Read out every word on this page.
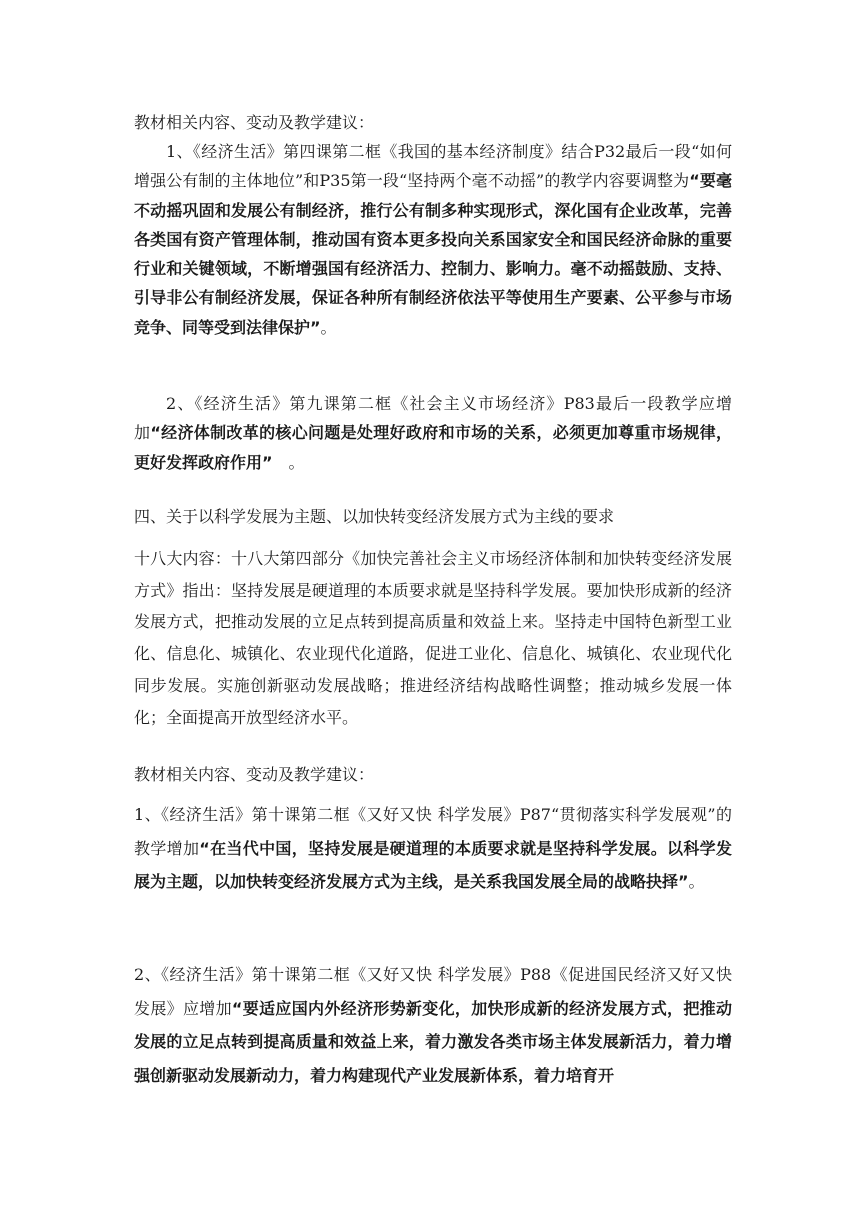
教材相关内容、变动及教学建议：

1、《经济生活》第四课第二框《我国的基本经济制度》结合P32最后一段“如何增强公有制的主体地位”和P35第一段“坚持两个毫不动摇”的教学内容要调整为“要毫不动摇巩固和发展公有制经济，推行公有制多种实现形式，深化国有企业改革，完善各类国有资产管理体制，推动国有资本更多投向关系国家安全和国民经济命脉的重要行业和关键领域，不断增强国有经济活力、控制力、影响力。毫不动摇鼓励、支持、引导非公有制经济发展，保证各种所有制经济依法平等使用生产要素、公平参与市场竞争、同等受到法律保护”。

2、《经济生活》第九课第二框《社会主义市场经济》P83最后一段教学应增加“经济体制改革的核心问题是处理好政府和市场的关系，必须更加尊重市场规律，更好发挥政府作用”　。

四、关于以科学发展为主题、以加快转变经济发展方式为主线的要求

十八大内容：十八大第四部分《加快完善社会主义市场经济体制和加快转变经济发展方式》指出：坚持发展是硬道理的本质要求就是坚持科学发展。要加快形成新的经济发展方式，把推动发展的立足点转到提高质量和效益上来。坚持走中国特色新型工业化、信息化、城镇化、农业现代化道路，促进工业化、信息化、城镇化、农业现代化同步发展。实施创新驱动发展战略；推进经济结构战略性调整；推动城乡发展一体化；全面提高开放型经济水平。

教材相关内容、变动及教学建议：

1、《经济生活》第十课第二框《又好又快 科学发展》P87“贯彻落实科学发展观”的教学增加“在当代中国，坚持发展是硬道理的本质要求就是坚持科学发展。以科学发展为主题，以加快转变经济发展方式为主线，是关系我国发展全局的战略抉择”。

2、《经济生活》第十课第二框《又好又快 科学发展》P88《促进国民经济又好又快发展》应增加“要适应国内外经济形势新变化，加快形成新的经济发展方式，把推动发展的立足点转到提高质量和效益上来，着力激发各类市场主体发展新活力，着力增强创新驱动发展新动力，着力构建现代产业发展新体系，着力培育开
